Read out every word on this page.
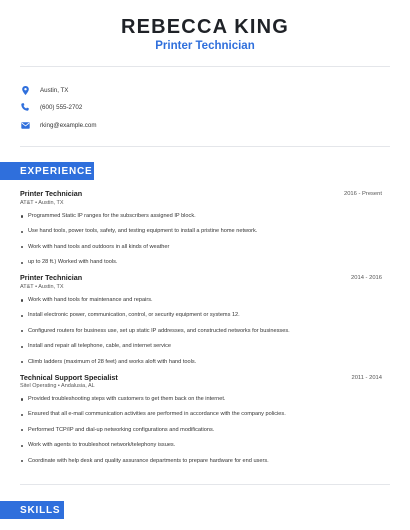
REBECCA KING
Printer Technician
Austin, TX
(600) 555-2702
rking@example.com
EXPERIENCE
Printer Technician	2016 - Present
AT&T • Austin, TX
Programmed Static IP ranges for the subscribers assigned IP block.
Use hand tools, power tools, safety, and testing equipment to install a pristine home network.
Work with hand tools and outdoors in all kinds of weather
up to 28 ft.) Worked with hand tools.
Printer Technician	2014 - 2016
AT&T • Austin, TX
Work with hand tools for maintenance and repairs.
Install electronic power, communication, control, or security equipment or systems 12.
Configured routers for business use, set up static IP addresses, and constructed networks for businesses.
Install and repair all telephone, cable, and internet service
Climb ladders (maximum of 28 feet) and works aloft with hand tools.
Technical Support Specialist	2011 - 2014
Sitel Operating • Andalusia, AL
Provided troubleshooting steps with customers to get them back on the internet.
Ensured that all e-mail communication activities are performed in accordance with the company policies.
Performed TCP/IP and dial-up networking configurations and modifications.
Work with agents to troubleshoot network/telephony issues.
Coordinate with help desk and quality assurance departments to prepare hardware for end users.
SKILLS
